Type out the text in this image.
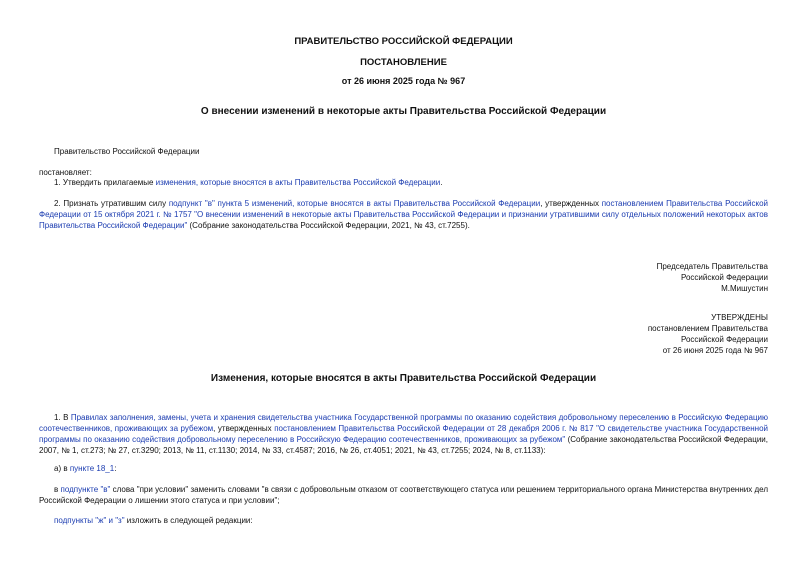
ПРАВИТЕЛЬСТВО РОССИЙСКОЙ ФЕДЕРАЦИИ
ПОСТАНОВЛЕНИЕ
от 26 июня 2025 года № 967
О внесении изменений в некоторые акты Правительства Российской Федерации
Правительство Российской Федерации
постановляет:
1. Утвердить прилагаемые изменения, которые вносятся в акты Правительства Российской Федерации.
2. Признать утратившим силу подпункт "в" пункта 5 изменений, которые вносятся в акты Правительства Российской Федерации, утвержденных постановлением Правительства Российской Федерации от 15 октября 2021 г. № 1757 "О внесении изменений в некоторые акты Правительства Российской Федерации и признании утратившими силу отдельных положений некоторых актов Правительства Российской Федерации" (Собрание законодательства Российской Федерации, 2021, № 43, ст.7255).
Председатель Правительства
Российской Федерации
М.Мишустин
УТВЕРЖДЕНЫ
постановлением Правительства
Российской Федерации
от 26 июня 2025 года № 967
Изменения, которые вносятся в акты Правительства Российской Федерации
1. В Правилах заполнения, замены, учета и хранения свидетельства участника Государственной программы по оказанию содействия добровольному переселению в Российскую Федерацию соотечественников, проживающих за рубежом, утвержденных постановлением Правительства Российской Федерации от 28 декабря 2006 г. № 817 "О свидетельстве участника Государственной программы по оказанию содействия добровольному переселению в Российскую Федерацию соотечественников, проживающих за рубежом" (Собрание законодательства Российской Федерации, 2007, № 1, ст.273; № 27, ст.3290; 2013, № 11, ст.1130; 2014, № 33, ст.4587; 2016, № 26, ст.4051; 2021, № 43, ст.7255; 2024, № 8, ст.1133):
а) в пункте 18_1:
в подпункте "в" слова "при условии" заменить словами "в связи с добровольным отказом от соответствующего статуса или решением территориального органа Министерства внутренних дел Российской Федерации о лишении этого статуса и при условии";
подпункты "ж" и "з" изложить в следующей редакции:
